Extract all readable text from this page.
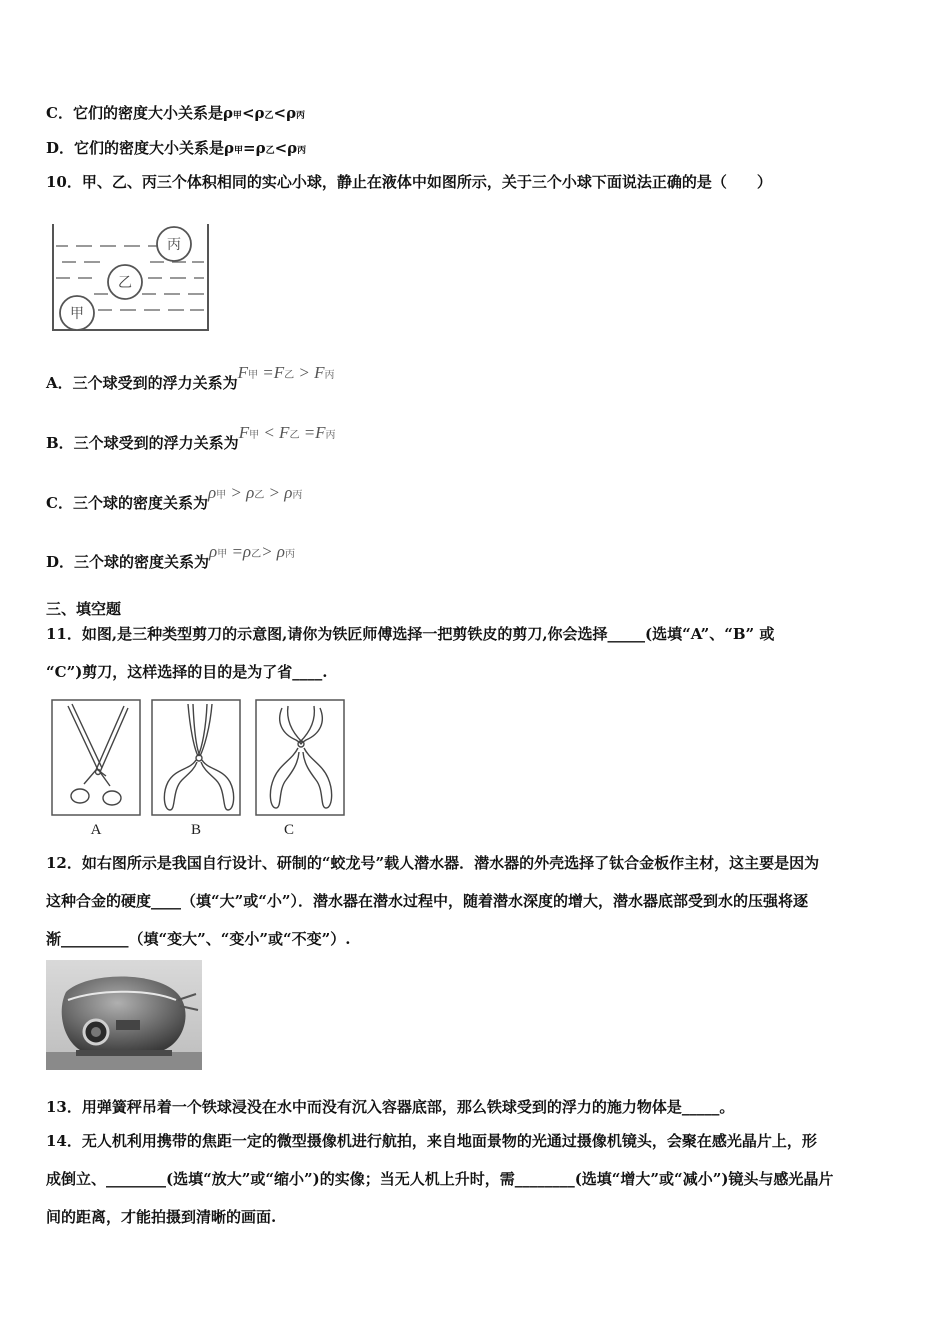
C．它们的密度大小关系是ρ甲<ρ乙<ρ丙
D．它们的密度大小关系是ρ甲=ρ乙<ρ丙
10．甲、乙、丙三个体积相同的实心小球，静止在液体中如图所示，关于三个小球下面说法正确的是（　　）
丙
乙
甲
A．三个球受到的浮力关系为F甲 =F乙 > F丙
B．三个球受到的浮力关系为F甲 < F乙 =F丙
C．三个球的密度关系为ρ甲 > ρ乙 > ρ丙
D．三个球的密度关系为ρ甲 =ρ乙> ρ丙
三、填空题
11．如图,是三种类型剪刀的示意图,请你为铁匠师傅选择一把剪铁皮的剪刀,你会选择_____(选填“A”、“B” 或
“C”)剪刀，这样选择的目的是为了省____.
A	B	C
12．如右图所示是我国自行设计、研制的“蛟龙号”载人潜水器．潜水器的外壳选择了钛合金板作主材，这主要是因为
这种合金的硬度____（填“大”或“小”）．潜水器在潜水过程中，随着潜水深度的增大，潜水器底部受到水的压强将逐
渐_________（填“变大”、“变小”或“不变”）.
13．用弹簧秤吊着一个铁球浸没在水中而没有沉入容器底部，那么铁球受到的浮力的施力物体是_____。
14．无人机利用携带的焦距一定的微型摄像机进行航拍，来自地面景物的光通过摄像机镜头，会聚在感光晶片上，形
成倒立、________(选填“放大”或“缩小”)的实像；当无人机上升时，需________(选填“增大”或“减小”)镜头与感光晶片
间的距离，才能拍摄到清晰的画面.
